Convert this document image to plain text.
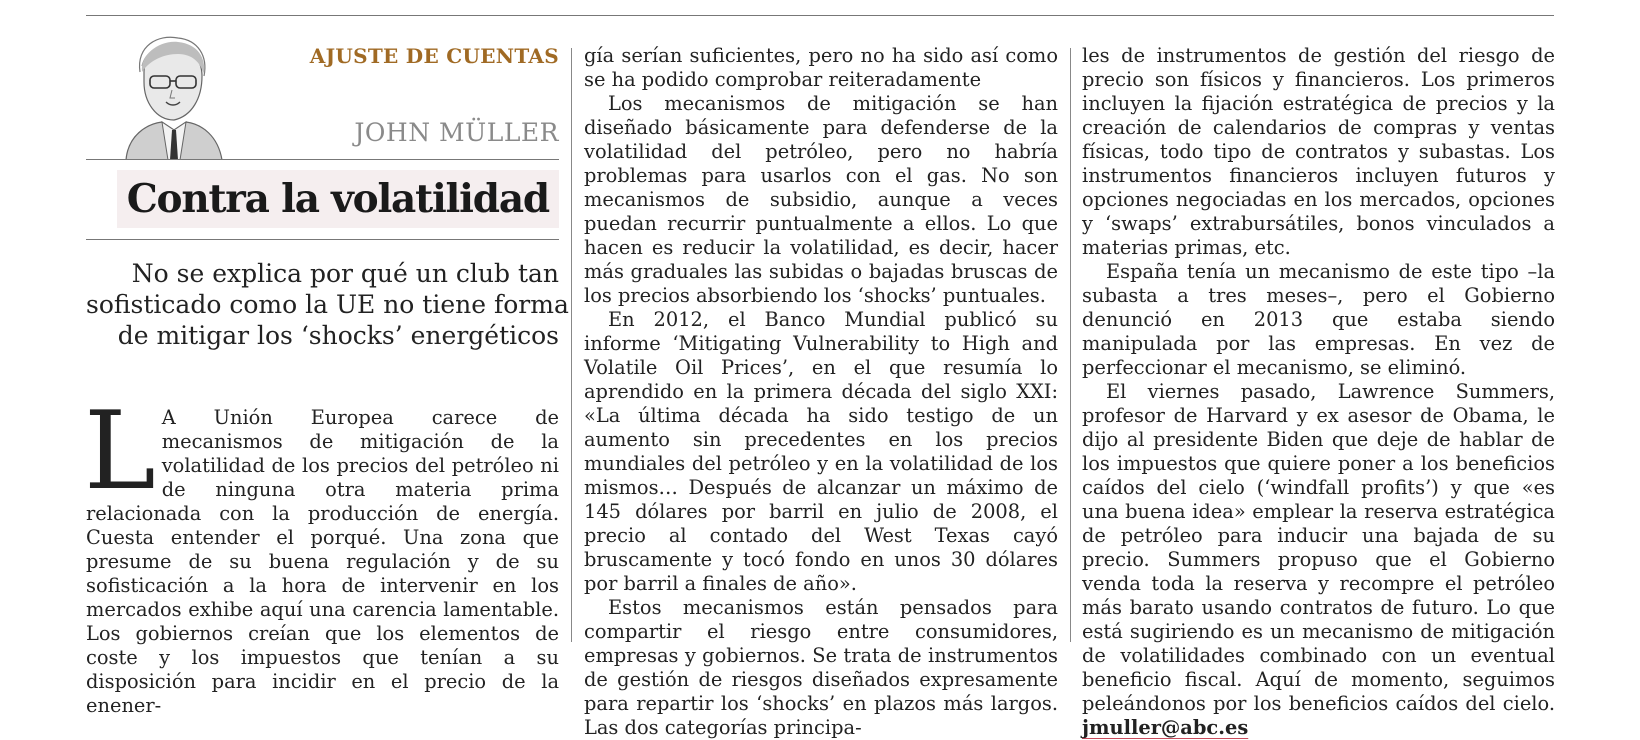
AJUSTE DE CUENTAS
JOHN MÜLLER
Contra la volatilidad
No se explica por qué un club tan
sofisticado como la UE no tiene forma
de mitigar los ‘shocks’ energéticos
L A Unión Europea carece de mecanismos de mitigación de la volatilidad de los precios del petróleo ni de ninguna otra materia prima relacionada con la producción de energía. Cuesta entender el porqué. Una zona que presume de su buena regulación y de su sofisticación a la hora de intervenir en los mercados exhibe aquí una carencia lamentable. Los gobiernos creían que los elementos de coste y los impuestos que tenían a su disposición para incidir en el precio de la enener-

gía serían suficientes, pero no ha sido así como se ha podido comprobar reiteradamente

Los mecanismos de mitigación se han diseñado básicamente para defenderse de la volatilidad del petróleo, pero no habría problemas para usarlos con el gas. No son mecanismos de subsidio, aunque a veces puedan recurrir puntualmente a ellos. Lo que hacen es reducir la volatilidad, es decir, hacer más graduales las subidas o bajadas bruscas de los precios absorbiendo los ‘shocks’ puntuales.

En 2012, el Banco Mundial publicó su informe ‘Mitigating Vulnerability to High and Volatile Oil Prices’, en el que resumía lo aprendido en la primera década del siglo XXI: «La última década ha sido testigo de un aumento sin precedentes en los precios mundiales del petróleo y en la volatilidad de los mismos… Después de alcanzar un máximo de 145 dólares por barril en julio de 2008, el precio al contado del West Texas cayó bruscamente y tocó fondo en unos 30 dólares por barril a finales de año».

Estos mecanismos están pensados para compartir el riesgo entre consumidores, empresas y gobiernos. Se trata de instrumentos de gestión de riesgos diseñados expresamente para repartir los ‘shocks’ en plazos más largos. Las dos categorías principa-

les de instrumentos de gestión del riesgo de precio son físicos y financieros. Los primeros incluyen la fijación estratégica de precios y la creación de calendarios de compras y ventas físicas, todo tipo de contratos y subastas. Los instrumentos financieros incluyen futuros y opciones negociadas en los mercados, opciones y ‘swaps’ extrabursátiles, bonos vinculados a materias primas, etc.

España tenía un mecanismo de este tipo –la subasta a tres meses–, pero el Gobierno denunció en 2013 que estaba siendo manipulada por las empresas. En vez de perfeccionar el mecanismo, se eliminó.

El viernes pasado, Lawrence Summers, profesor de Harvard y ex asesor de Obama, le dijo al presidente Biden que deje de hablar de los impuestos que quiere poner a los beneficios caídos del cielo (‘windfall profits’) y que «es una buena idea» emplear la reserva estratégica de petróleo para inducir una bajada de su precio. Summers propuso que el Gobierno venda toda la reserva y recompre el petróleo más barato usando contratos de futuro. Lo que está sugiriendo es un mecanismo de mitigación de volatilidades combinado con un eventual beneficio fiscal. Aquí de momento, seguimos peleándonos por los beneficios caídos del cielo. jmuller@abc.es
